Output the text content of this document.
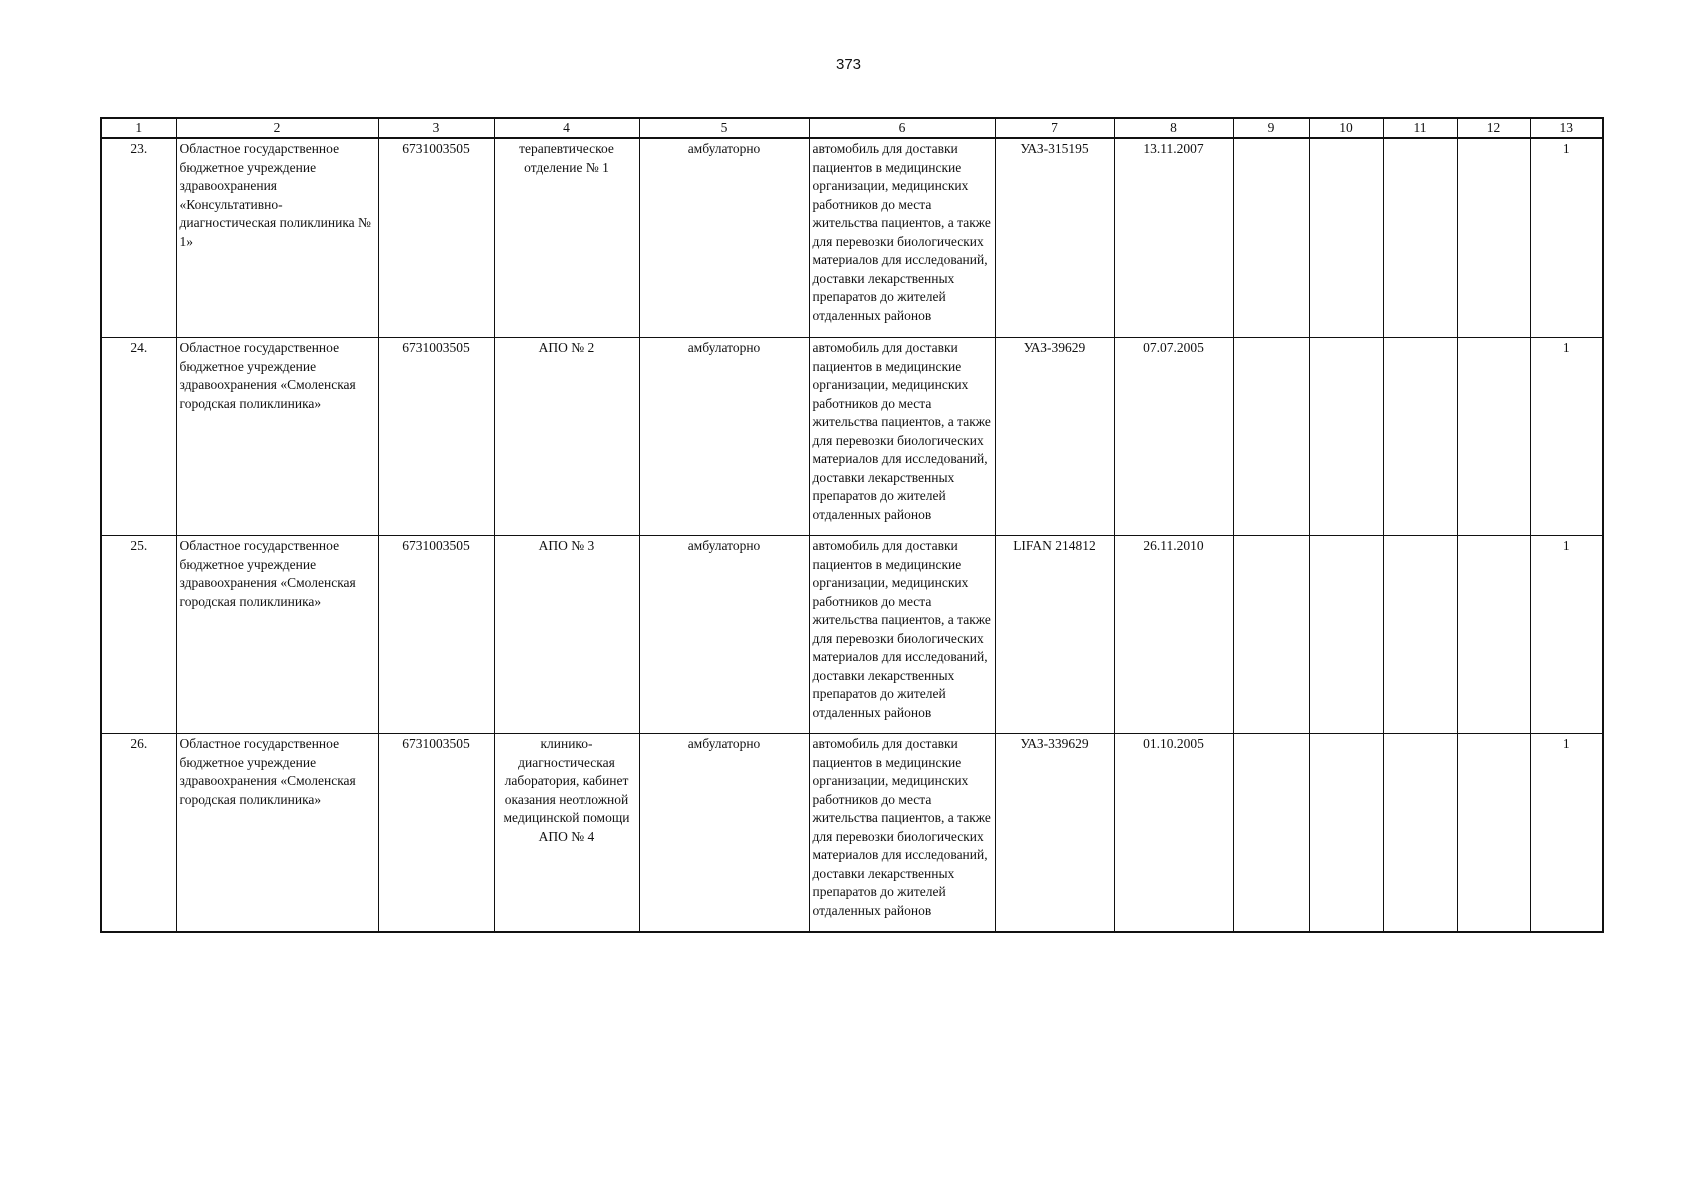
373
1	2	3	4	5	6	7	8	9	10	11	12	13
23.	Областное государственное бюджетное учреждение здравоохранения «Консультативно-диагностическая поликлиника № 1»	6731003505	терапевтическое отделение № 1	амбулаторно	автомобиль для доставки пациентов в медицинские организации, медицинских работников до места жительства пациентов, а также для перевозки биологических материалов для исследований, доставки лекарственных препаратов до жителей отдаленных районов	УАЗ-315195	13.11.2007					1
24.	Областное государственное бюджетное учреждение здравоохранения «Смоленская городская поликлиника»	6731003505	АПО № 2	амбулаторно	автомобиль для доставки пациентов в медицинские организации, медицинских работников до места жительства пациентов, а также для перевозки биологических материалов для исследований, доставки лекарственных препаратов до жителей отдаленных районов	УАЗ-39629	07.07.2005					1
25.	Областное государственное бюджетное учреждение здравоохранения «Смоленская городская поликлиника»	6731003505	АПО № 3	амбулаторно	автомобиль для доставки пациентов в медицинские организации, медицинских работников до места жительства пациентов, а также для перевозки биологических материалов для исследований, доставки лекарственных препаратов до жителей отдаленных районов	LIFAN 214812	26.11.2010					1
26.	Областное государственное бюджетное учреждение здравоохранения «Смоленская городская поликлиника»	6731003505	клинико-диагностическая лаборатория, кабинет оказания неотложной медицинской помощи АПО № 4	амбулаторно	автомобиль для доставки пациентов в медицинские организации, медицинских работников до места жительства пациентов, а также для перевозки биологических материалов для исследований, доставки лекарственных препаратов до жителей отдаленных районов	УАЗ-339629	01.10.2005					1
